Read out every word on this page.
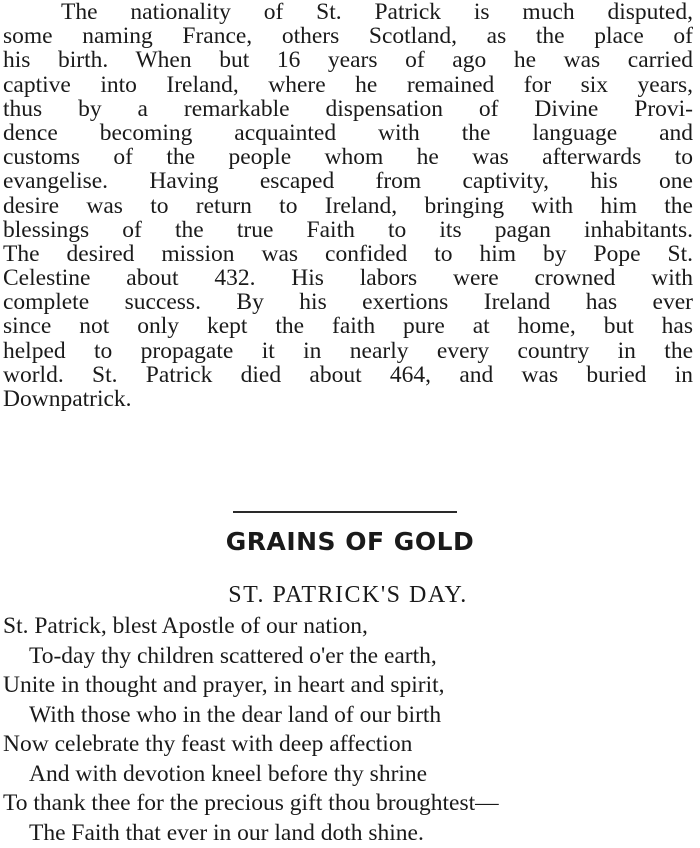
The nationality of St. Patrick is much disputed,
some naming France, others Scotland, as the place of
his birth. When but 16 years of ago he was carried
captive into Ireland, where he remained for six years,
thus by a remarkable dispensation of Divine Provi-
dence becoming acquainted with the language and
customs of the people whom he was afterwards to
evangelise. Having escaped from captivity, his one
desire was to return to Ireland, bringing with him the
blessings of the true Faith to its pagan inhabitants.
The desired mission was confided to him by Pope St.
Celestine about 432. His labors were crowned with
complete success. By his exertions Ireland has ever
since not only kept the faith pure at home, but has
helped to propagate it in nearly every country in the
world. St. Patrick died about 464, and was buried in
Downpatrick.
GRAINS OF GOLD
ST. PATRICK'S DAY.
St. Patrick, blest Apostle of our nation,
To-day thy children scattered o'er the earth,
Unite in thought and prayer, in heart and spirit,
With those who in the dear land of our birth
Now celebrate thy feast with deep affection
And with devotion kneel before thy shrine
To thank thee for the precious gift thou broughtest—
The Faith that ever in our land doth shine.
